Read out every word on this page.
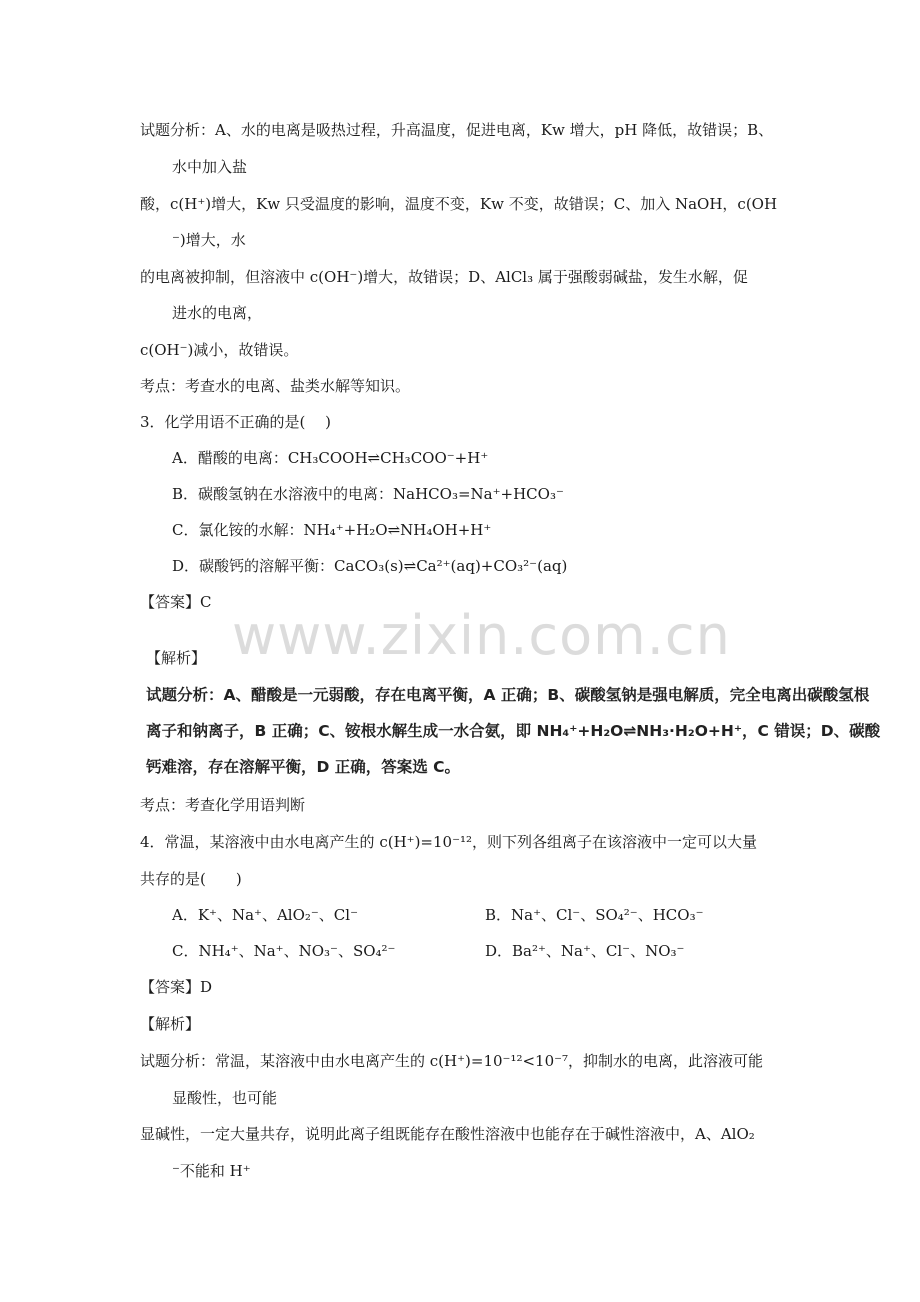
www.zixin.com.cn
试题分析：A、水的电离是吸热过程，升高温度，促进电离，Kw 增大，pH 降低，故错误；B、
水中加入盐
酸，c(H⁺)增大，Kw 只受温度的影响，温度不变，Kw 不变，故错误；C、加入 NaOH，c(OH
⁻)增大，水
的电离被抑制，但溶液中 c(OH⁻)增大，故错误；D、AlCl₃ 属于强酸弱碱盐，发生水解，促
进水的电离，
c(OH⁻)减小，故错误。
考点：考查水的电离、盐类水解等知识。
3．化学用语不正确的是(　 )
A．醋酸的电离：CH₃COOH⇌CH₃COO⁻+H⁺
B．碳酸氢钠在水溶液中的电离：NaHCO₃=Na⁺+HCO₃⁻
C．氯化铵的水解：NH₄⁺+H₂O⇌NH₄OH+H⁺
D．碳酸钙的溶解平衡：CaCO₃(s)⇌Ca²⁺(aq)+CO₃²⁻(aq)
【答案】C
【解析】
试题分析：A、醋酸是一元弱酸，存在电离平衡，A 正确；B、碳酸氢钠是强电解质，完全电离出碳酸氢根
离子和钠离子，B 正确；C、铵根水解生成一水合氨，即 NH₄⁺+H₂O⇌NH₃·H₂O+H⁺，C 错误；D、碳酸
钙难溶，存在溶解平衡，D 正确，答案选 C。
考点：考查化学用语判断
4．常温，某溶液中由水电离产生的 c(H⁺)=10⁻¹²，则下列各组离子在该溶液中一定可以大量
共存的是(　　)
A．K⁺、Na⁺、AlO₂⁻、Cl⁻	B．Na⁺、Cl⁻、SO₄²⁻、HCO₃⁻
C．NH₄⁺、Na⁺、NO₃⁻、SO₄²⁻	D．Ba²⁺、Na⁺、Cl⁻、NO₃⁻
【答案】D
【解析】
试题分析：常温，某溶液中由水电离产生的 c(H⁺)=10⁻¹²<10⁻⁷，抑制水的电离，此溶液可能
显酸性，也可能
显碱性，一定大量共存，说明此离子组既能存在酸性溶液中也能存在于碱性溶液中，A、AlO₂
⁻不能和 H⁺
